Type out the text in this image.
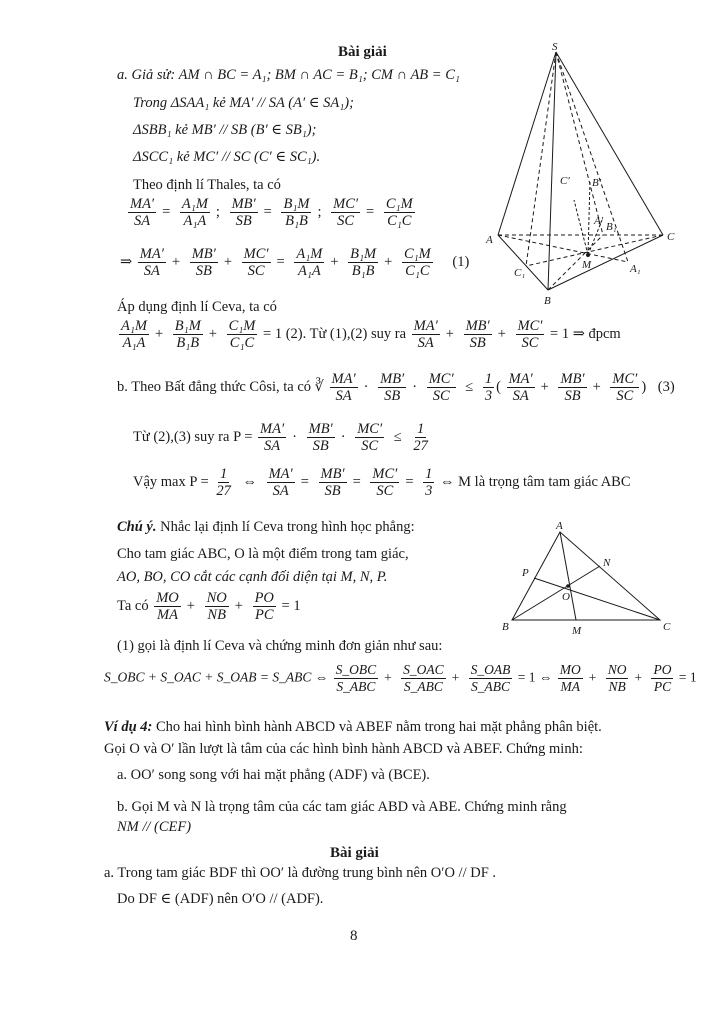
Bài giải
a. Giả sử: AM ∩ BC = A₁; BM ∩ AC = B₁; CM ∩ AB = C₁
Trong ΔSAA₁ kẻ MA′ // SA (A′ ∈ SA₁);
ΔSBB₁ kẻ MB′ // SB (B′ ∈ SB₁);
ΔSCC₁ kẻ MC′ // SC (C′ ∈ SC₁).
Theo định lí Thales, ta có
$\frac{MA'}{SA} = \frac{\text{A₁M}}{\text{A₁A}}$ ; $\frac{MB'}{SB} = \frac{\text{B₁M}}{\text{B₁B}}$ ; $\frac{MC'}{SC} = \frac{\text{C₁M}}{\text{C₁C}}$
⇒ $\frac{MA'}{SA} + \frac{MB'}{SB} + \frac{MC'}{SC} = \frac{\text{A₁M}}{\text{A₁A}} + \frac{\text{B₁M}}{\text{B₁B}} + \frac{\text{C₁M}}{\text{C₁C}} (1)$
Áp dụng định lí Ceva, ta có
$\frac{\text{A₁M}}{\text{A₁A}} + \frac{\text{B₁M}}{\text{B₁B}} + \frac{\text{C₁M}}{\text{C₁C}} = 1$ (2). Từ (1),(2) suy ra $\frac{MA'}{SA} + \frac{MB'}{SB} + \frac{MC'}{SC} = 1$ ⇒ đpcm
b. Theo Bất đẳng thức Côsi, ta có ∛ $\frac{MA'}{SA} \cdot \frac{MB'}{SB} \cdot \frac{MC'}{SC} \le \frac{1}{3}$ ( $\frac{MA'}{SA} + \frac{MB'}{SB} + \frac{MC'}{SC}$ ) (3)
Từ (2),(3) suy ra $P = \frac{MA'}{SA} \cdot \frac{MB'}{SB} \cdot \frac{MC'}{SC} \le \frac{1}{27}$
Vậy $\max P = \frac{1}{27}$ ⇔ $\frac{MA'}{SA} = \frac{MB'}{SB} = \frac{MC'}{SC} = \frac{1}{3}$ ⇔ M là trọng tâm tam giác ABC
Chú ý. Nhắc lại định lí Ceva trong hình học phẳng:
Cho tam giác ABC, O là một điểm trong tam giác,
AO, BO, CO cắt các cạnh đối diện tại M, N, P.
Ta có $\frac{MO}{MA} + \frac{NO}{NB} + \frac{PO}{PC} = 1$
(1) gọi là định lí Ceva và chứng minh đơn giản như sau:
S_OBC + S_OAC + S_OAB = S_ABC ⇔ $\frac{\text{S\_OBC}}{\text{S\_ABC}} + \frac{\text{S\_OAC}}{\text{S\_ABC}} + \frac{\text{S\_OAB}}{\text{S\_ABC}} = 1$ ⇔ $\frac{MO}{MA} + \frac{NO}{NB} + \frac{PO}{PC} = 1$
Ví dụ 4: Cho hai hình bình hành ABCD và ABEF nằm trong hai mặt phẳng phân biệt.
Gọi O và O′ lần lượt là tâm của các hình bình hành ABCD và ABEF. Chứng minh:
a. OO′ song song với hai mặt phẳng (ADF) và (BCE).
b. Gọi M và N là trọng tâm của các tam giác ABD và ABE. Chứng minh rằng
NM // (CEF)
Bài giải
a. Trong tam giác BDF thì OO′ là đường trung bình nên O′O // DF .
Do DF ∈ (ADF) nên O′O // (ADF).
8
S
A
B
C
M	A₁
B₁
C₁
B′
C′
A′
A
B	C
M
N
P
O
